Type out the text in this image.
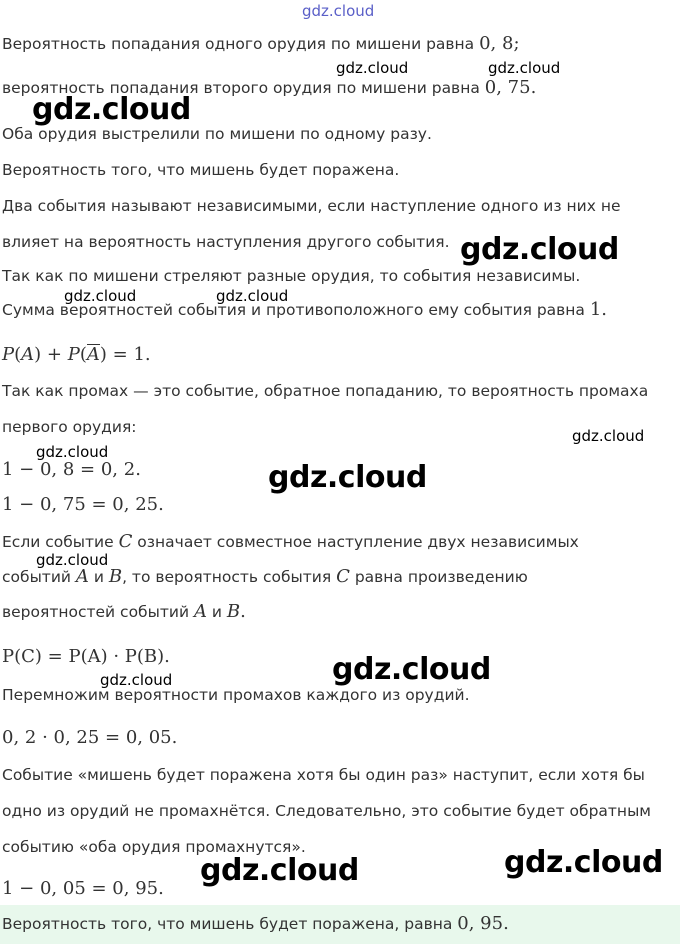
gdz.cloud
Вероятность попадания одного орудия по мишени равна 0, 8;
вероятность попадания второго орудия по мишени равна 0, 75.
Оба орудия выстрелили по мишени по одному разу.
Вероятность того, что мишень будет поражена.
Два события называют независимыми, если наступление одного из них не
влияет на вероятность наступления другого события.
Так как по мишени стреляют разные орудия, то события независимы.
Сумма вероятностей события и противоположного ему события равна 1.
P(A) + P(A) = 1.
Так как промах — это событие, обратное попаданию, то вероятность промаха
первого орудия:
1 − 0, 8 = 0, 2.
1 − 0, 75 = 0, 25.
Если событие C означает совместное наступление двух независимых
событий A и B, то вероятность события C равна произведению
вероятностей событий A и B.
P(C) = P(A) · P(B).
Перемножим вероятности промахов каждого из орудий.
0, 2 · 0, 25 = 0, 05.
Событие «мишень будет поражена хотя бы один раз» наступит, если хотя бы
одно из орудий не промахнётся. Следовательно, это событие будет обратным
событию «оба орудия промахнутся».
1 − 0, 05 = 0, 95.
Вероятность того, что мишень будет поражена, равна 0, 95.
gdz.cloud	gdz.cloud
gdz.cloud
gdz.cloud
gdz.cloud	gdz.cloud
gdz.cloud
gdz.cloud
gdz.cloud
gdz.cloud
gdz.cloud
gdz.cloud
gdz.cloud
gdz.cloud
